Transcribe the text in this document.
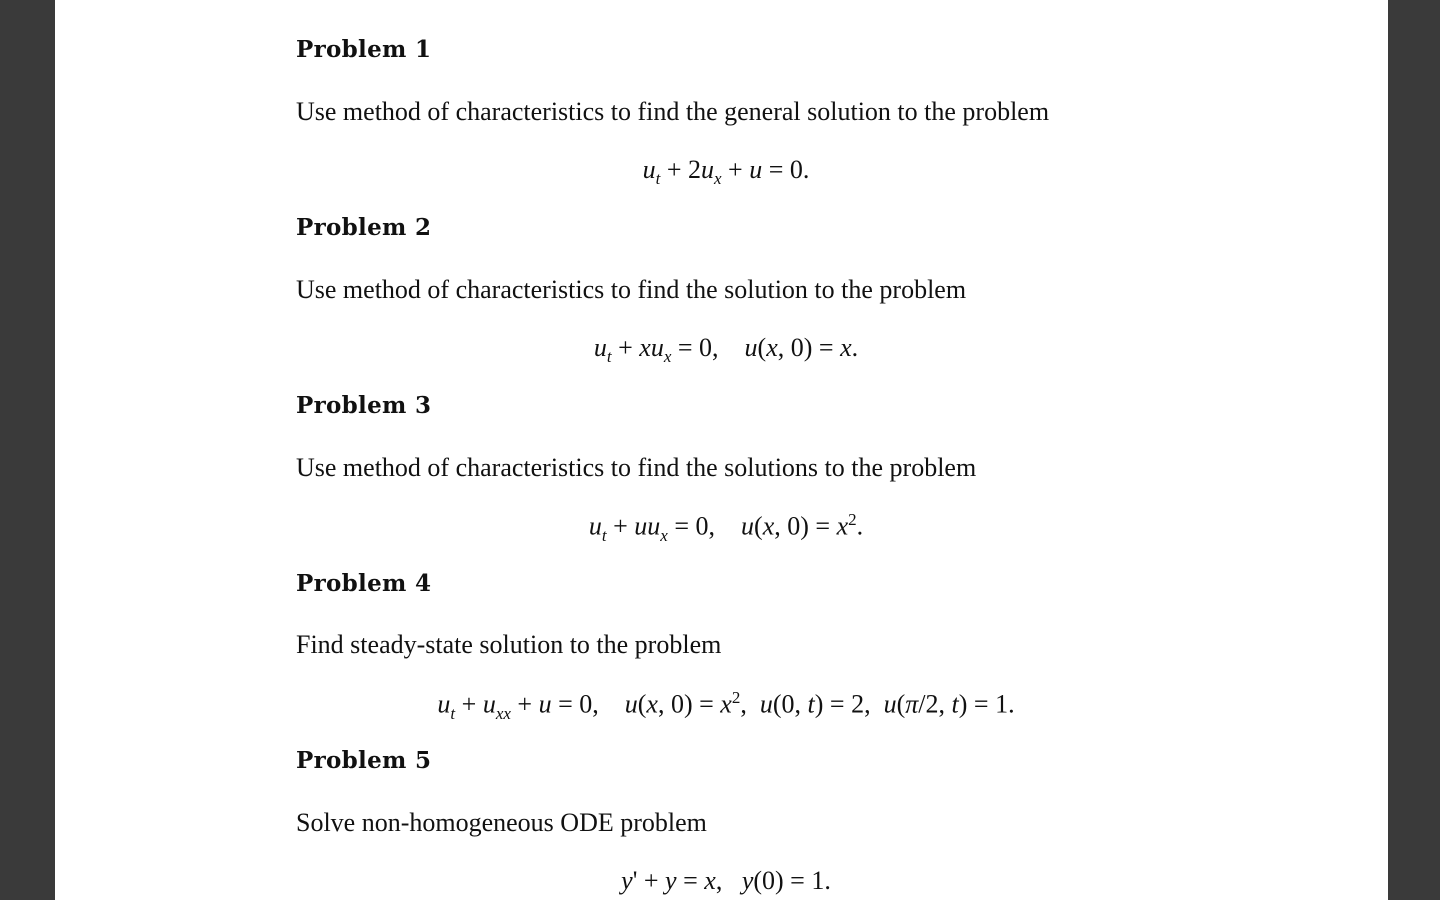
Problem 1
Use method of characteristics to find the general solution to the problem
$u_t + 2u_x + u = 0$.
Problem 2
Use method of characteristics to find the solution to the problem
$u_t + xu_x = 0$,    u(x, 0) = x.
Problem 3
Use method of characteristics to find the solutions to the problem
$u_t + uu_x = 0$,    u(x, $0) = x^2$.
Problem 4
Find steady-state solution to the problem
$u_t + u_{xx} + u = 0$,    u(x, $0) = x^2$,  u(0, t) = 2,  u(π/2, t) = 1.
Problem 5
Solve non-homogeneous ODE problem
y' + y = x,   y(0) = 1.
